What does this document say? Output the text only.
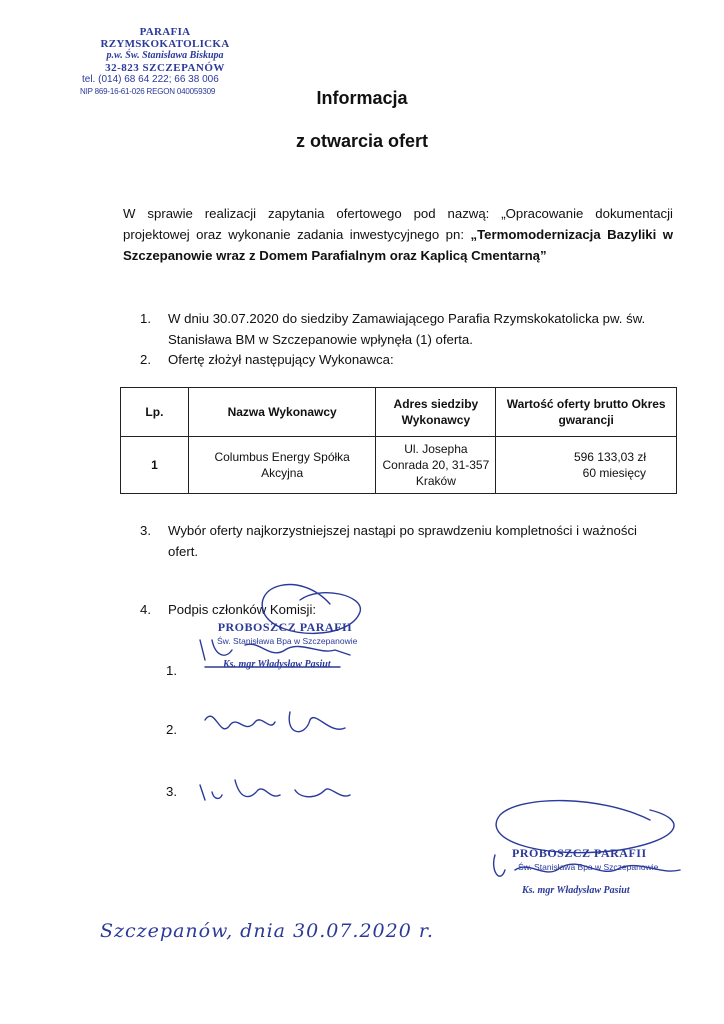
PARAFIA RZYMSKOKATOLICKA
p.w. Św. Stanisława Biskupa
32-823 SZCZEPANÓW
tel. (014) 68 64 222; 66 38 006
NIP 869-16-61-026 REGON 040059309	Informacja
z otwarcia ofert
W sprawie realizacji zapytania ofertowego pod nazwą: „Opracowanie dokumentacji projektowej oraz wykonanie zadania inwestycyjnego pn: „Termomodernizacja Bazyliki w Szczepanowie wraz z Domem Parafialnym oraz Kaplicą Cmentarną”
1.	W dniu 30.07.2020 do siedziby Zamawiającego Parafia Rzymskokatolicka pw. św. Stanisława BM w Szczepanowie wpłynęła (1) oferta.
2.	Ofertę złożył następujący Wykonawca:
Lp.	Nazwa Wykonawcy	Adres siedziby Wykonawcy	Wartość oferty brutto Okres gwarancji
1	Columbus Energy Spółka Akcyjna	Ul. Josepha Conrada 20, 31-357 Kraków	596 133,03 zł
60 miesięcy
3.	Wybór oferty najkorzystniejszej nastąpi po sprawdzeniu kompletności i ważności ofert.
4.	Podpis członków Komisji:
1.
2.
3.
PROBOSZCZ PARAFII
Św. Stanisława Bpa w Szczepanowie
Ks. mgr Władysław Pasiut
PROBOSZCZ PARAFII
Św. Stanisława Bpa w Szczepanowie
Ks. mgr Władysław Pasiut
Szczepanów, dnia 30.07.2020 r.
